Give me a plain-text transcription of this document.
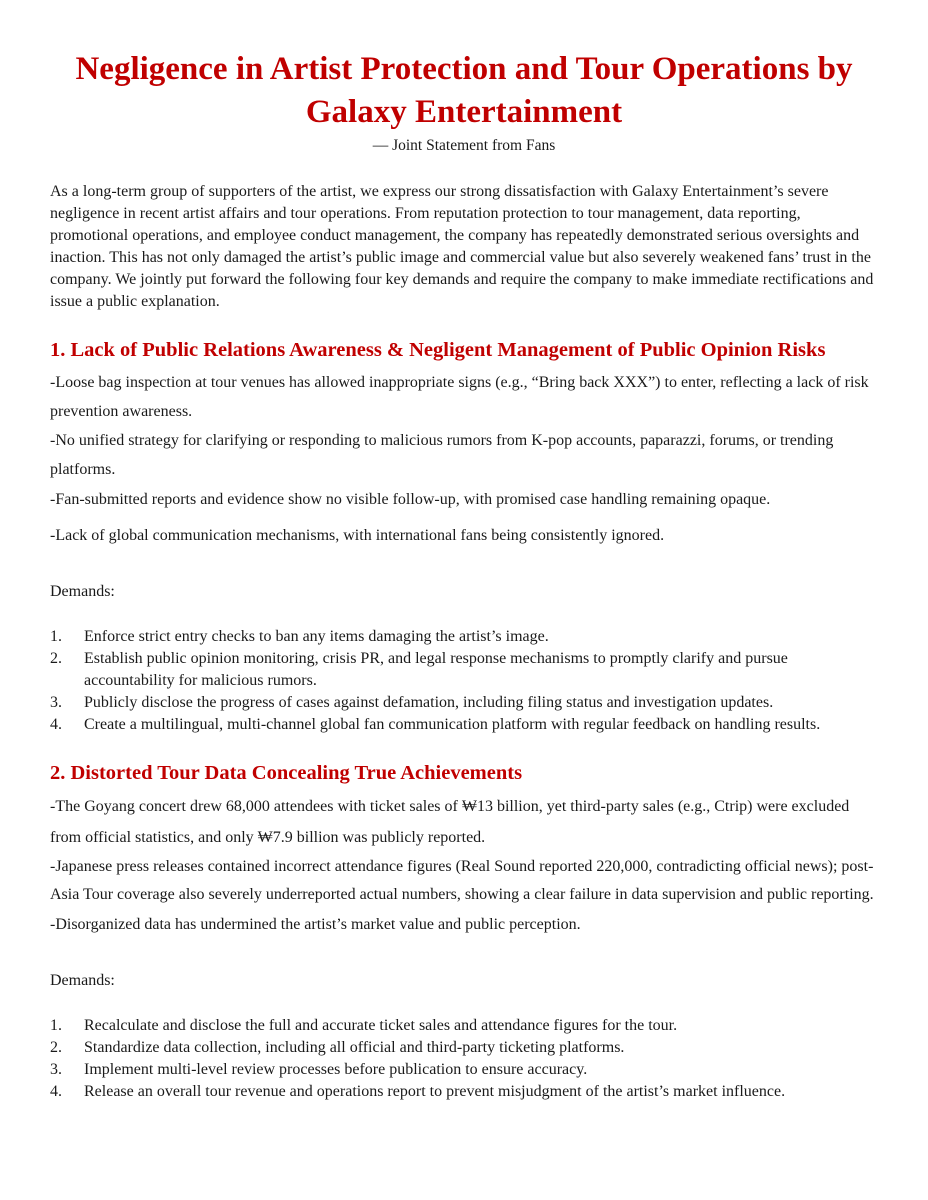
Negligence in Artist Protection and Tour Operations by Galaxy Entertainment
— Joint Statement from Fans

As a long-term group of supporters of the artist, we express our strong dissatisfaction with Galaxy Entertainment’s severe negligence in recent artist affairs and tour operations. From reputation protection to tour management, data reporting, promotional operations, and employee conduct management, the company has repeatedly demonstrated serious oversights and inaction. This has not only damaged the artist’s public image and commercial value but also severely weakened fans’ trust in the company. We jointly put forward the following four key demands and require the company to make immediate rectifications and issue a public explanation.

1. Lack of Public Relations Awareness & Negligent Management of Public Opinion Risks
-Loose bag inspection at tour venues has allowed inappropriate signs (e.g., “Bring back XXX”) to enter, reflecting a lack of risk prevention awareness.
-No unified strategy for clarifying or responding to malicious rumors from K-pop accounts, paparazzi, forums, or trending platforms.
-Fan-submitted reports and evidence show no visible follow-up, with promised case handling remaining opaque.
-Lack of global communication mechanisms, with international fans being consistently ignored.
Demands:
1. Enforce strict entry checks to ban any items damaging the artist’s image.
2. Establish public opinion monitoring, crisis PR, and legal response mechanisms to promptly clarify and pursue accountability for malicious rumors.
3. Publicly disclose the progress of cases against defamation, including filing status and investigation updates.
4. Create a multilingual, multi-channel global fan communication platform with regular feedback on handling results.
2. Distorted Tour Data Concealing True Achievements
-The Goyang concert drew 68,000 attendees with ticket sales of ₩13 billion, yet third-party sales (e.g., Ctrip) were excluded from official statistics, and only ₩7.9 billion was publicly reported.
-Japanese press releases contained incorrect attendance figures (Real Sound reported 220,000, contradicting official news); post-Asia Tour coverage also severely underreported actual numbers, showing a clear failure in data supervision and public reporting.
-Disorganized data has undermined the artist’s market value and public perception.
Demands:
1. Recalculate and disclose the full and accurate ticket sales and attendance figures for the tour.
2. Standardize data collection, including all official and third-party ticketing platforms.
3. Implement multi-level review processes before publication to ensure accuracy.
4. Release an overall tour revenue and operations report to prevent misjudgment of the artist’s market influence.
